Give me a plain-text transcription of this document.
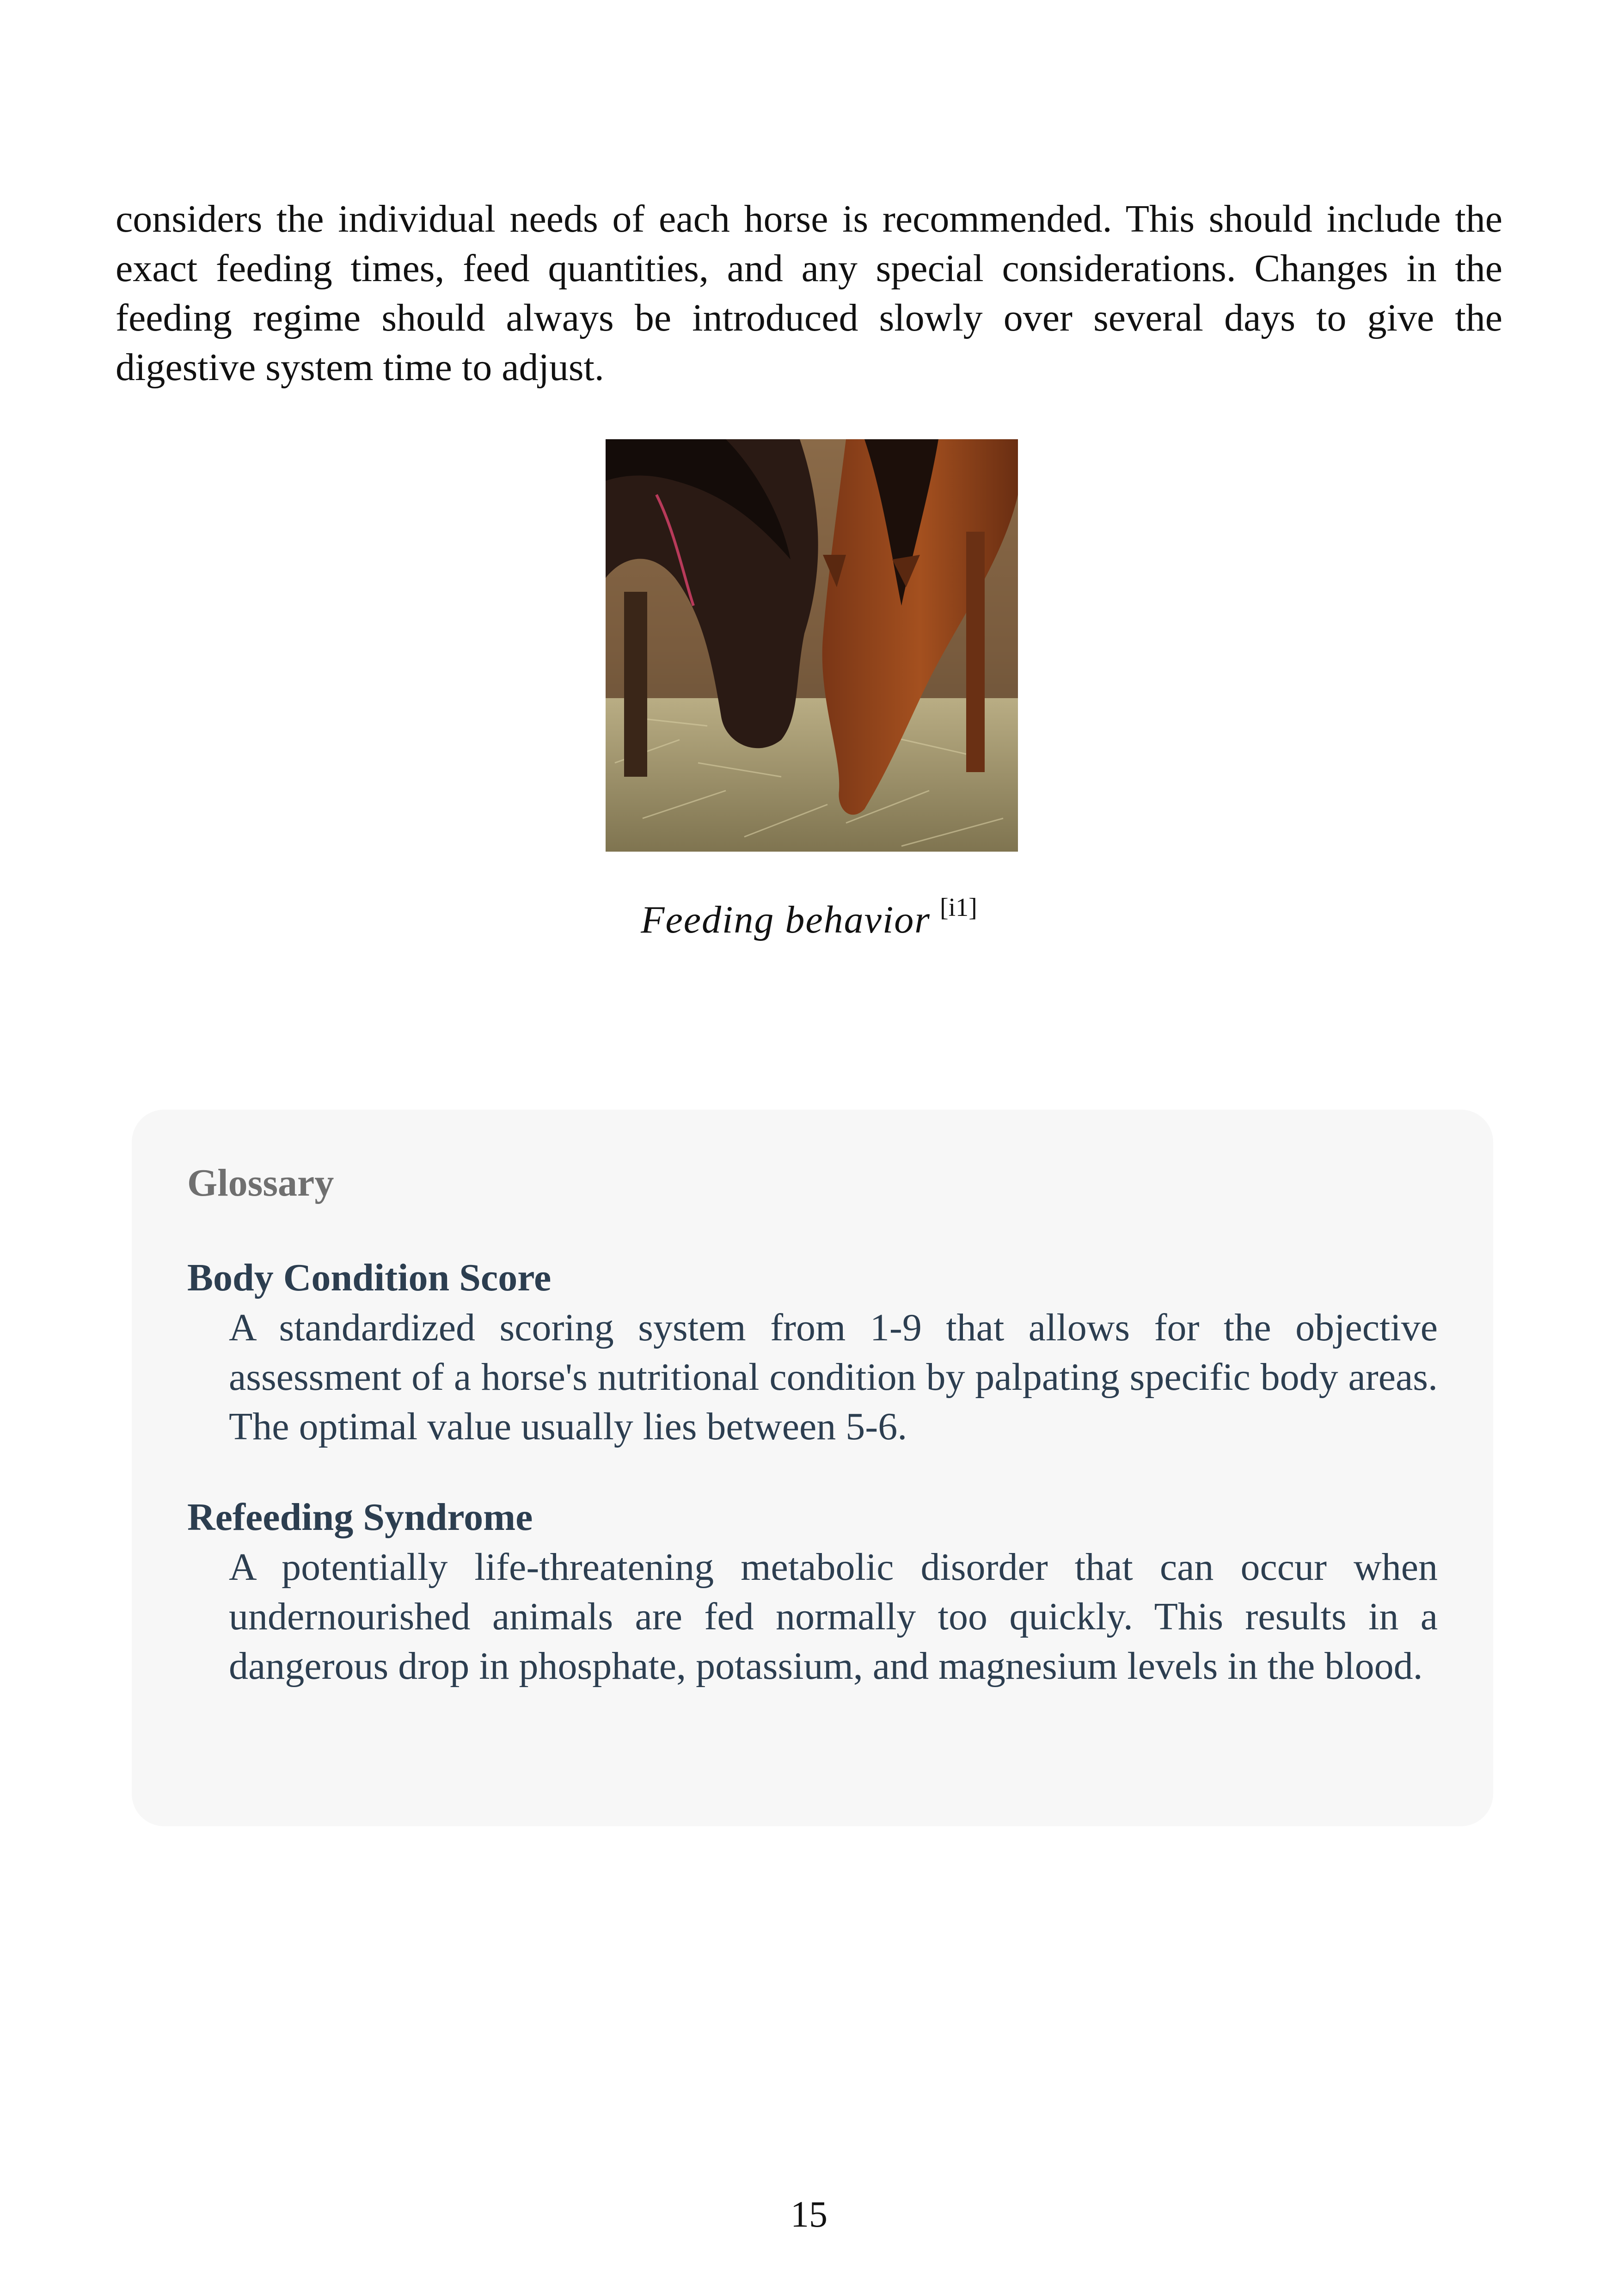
considers the individual needs of each horse is recommended. This should include the exact feeding times, feed quantities, and any special considerations. Changes in the feeding regime should always be introduced slowly over several days to give the digestive system time to adjust.

Feeding behavior [i1]
Glossary
Body Condition Score
A standardized scoring system from 1-9 that allows for the objective assessment of a horse's nutritional condition by palpating specific body areas. The optimal value usually lies between 5-6.
Refeeding Syndrome
A potentially life-threatening metabolic disorder that can occur when undernourished animals are fed normally too quickly. This results in a dangerous drop in phosphate, potassium, and magnesium levels in the blood.
15
